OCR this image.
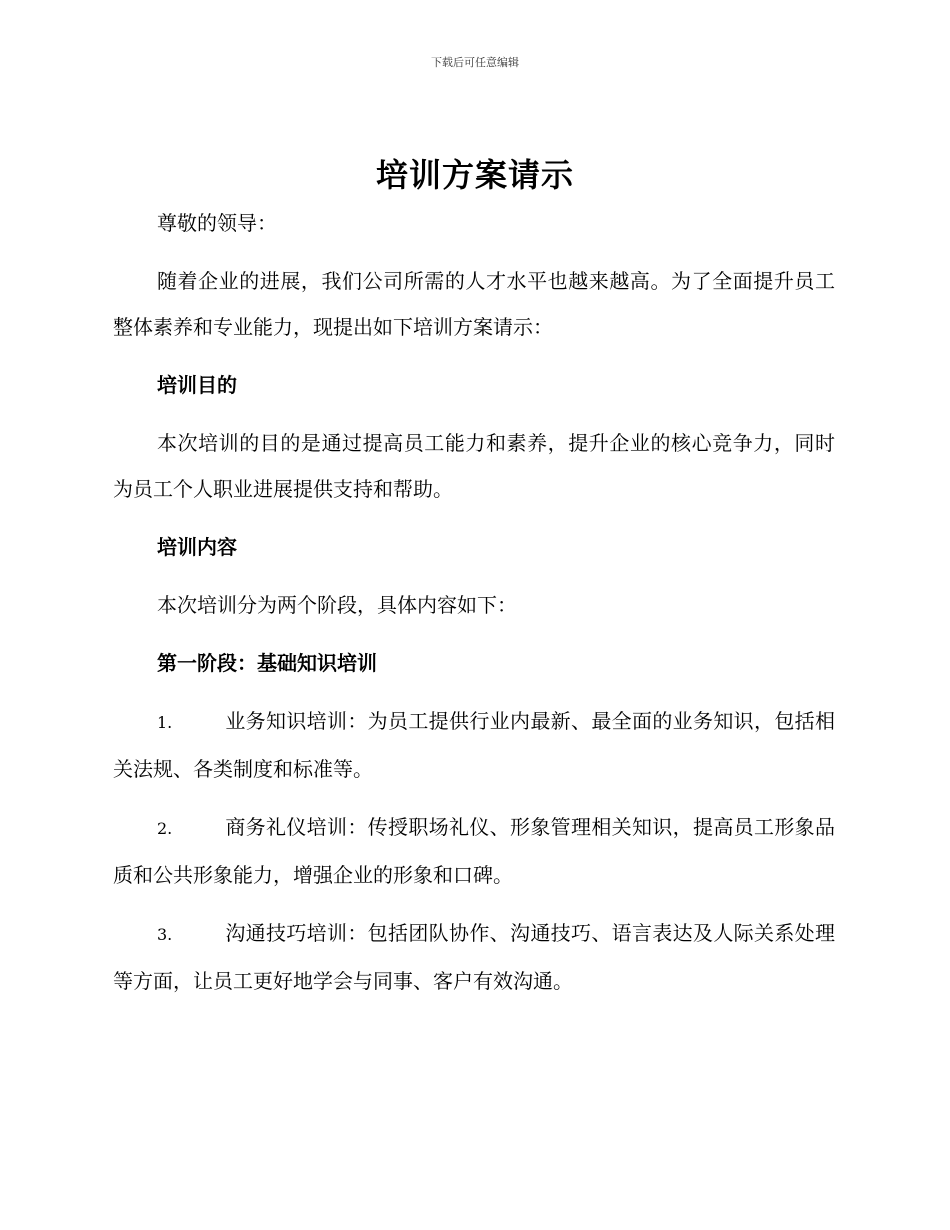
下载后可任意编辑
培训方案请示

尊敬的领导：

随着企业的进展，我们公司所需的人才水平也越来越高。为了全面提升员工整体素养和专业能力，现提出如下培训方案请示：

培训目的

本次培训的目的是通过提高员工能力和素养，提升企业的核心竞争力，同时为员工个人职业进展提供支持和帮助。

培训内容

本次培训分为两个阶段，具体内容如下：

第一阶段：基础知识培训

1.	业务知识培训：为员工提供行业内最新、最全面的业务知识，包括相关法规、各类制度和标准等。

2.	商务礼仪培训：传授职场礼仪、形象管理相关知识，提高员工形象品质和公共形象能力，增强企业的形象和口碑。

3.	沟通技巧培训：包括团队协作、沟通技巧、语言表达及人际关系处理等方面，让员工更好地学会与同事、客户有效沟通。
